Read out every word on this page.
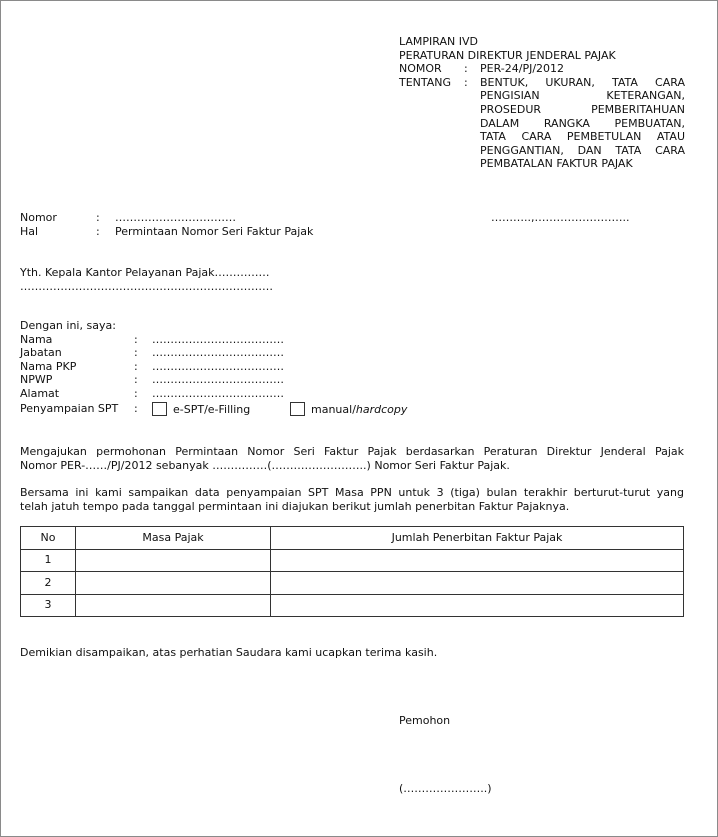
LAMPIRAN IVD
PERATURAN DIREKTUR JENDERAL PAJAK
NOMOR	:	PER-24/PJ/2012
TENTANG	:	BENTUK, UKURAN, TATA CARA
PENGISIAN KETERANGAN,
PROSEDUR PEMBERITAHUAN
DALAM RANGKA PEMBUATAN,
TATA CARA PEMBETULAN ATAU
PENGGANTIAN, DAN TATA CARA
PEMBATALAN FAKTUR PAJAK
Nomor	: ……………………………	………..,……………………..
Hal	: Permintaan Nomor Seri Faktur Pajak
Yth. Kepala Kantor Pelayanan Pajak……………
……………………………………………………………
Dengan ini, saya:
Nama	:	………………………………
Jabatan	:	………………………………
Nama PKP	:	………………………………
NPWP	:	………………………………
Alamat	:	………………………………
Penyampaian SPT	:	e-SPT/e-Filling	manual/hardcopy
Mengajukan permohonan Permintaan Nomor Seri Faktur Pajak berdasarkan Peraturan Direktur Jenderal Pajak
Nomor PER-……/PJ/2012 sebanyak ……………(……………………..) Nomor Seri Faktur Pajak.
Bersama ini kami sampaikan data penyampaian SPT Masa PPN untuk 3 (tiga) bulan terakhir berturut-turut yang
telah jatuh tempo pada tanggal permintaan ini diajukan berikut jumlah penerbitan Faktur Pajaknya.
No	Masa Pajak	Jumlah Penerbitan Faktur Pajak
1		
2		
3		
Demikian disampaikan, atas perhatian Saudara kami ucapkan terima kasih.
Pemohon
(…………………..)
